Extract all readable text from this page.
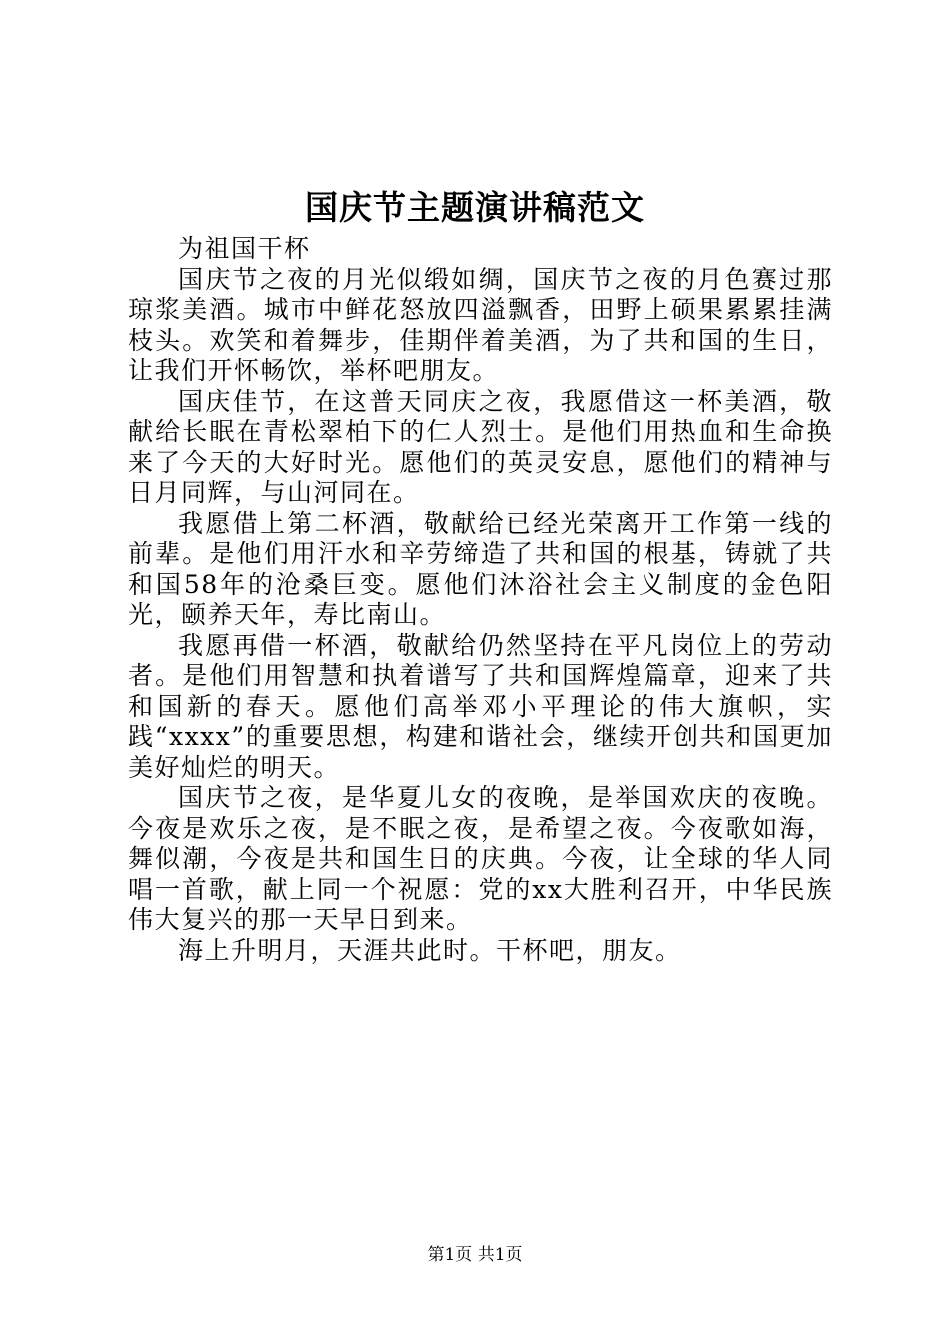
国庆节主题演讲稿范文

为祖国干杯

国庆节之夜的月光似缎如绸，国庆节之夜的月色赛过那琼浆美酒。城市中鲜花怒放四溢飘香，田野上硕果累累挂满枝头。欢笑和着舞步，佳期伴着美酒，为了共和国的生日，让我们开怀畅饮，举杯吧朋友。

国庆佳节，在这普天同庆之夜，我愿借这一杯美酒，敬献给长眠在青松翠柏下的仁人烈士。是他们用热血和生命换来了今天的大好时光。愿他们的英灵安息，愿他们的精神与日月同辉，与山河同在。

我愿借上第二杯酒，敬献给已经光荣离开工作第一线的前辈。是他们用汗水和辛劳缔造了共和国的根基，铸就了共和国58年的沧桑巨变。愿他们沐浴社会主义制度的金色阳光，颐养天年，寿比南山。

我愿再借一杯酒，敬献给仍然坚持在平凡岗位上的劳动者。是他们用智慧和执着谱写了共和国辉煌篇章，迎来了共和国新的春天。愿他们高举邓小平理论的伟大旗帜，实践“xxxx”的重要思想，构建和谐社会，继续开创共和国更加美好灿烂的明天。

国庆节之夜，是华夏儿女的夜晚，是举国欢庆的夜晚。今夜是欢乐之夜，是不眠之夜，是希望之夜。今夜歌如海，舞似潮，今夜是共和国生日的庆典。今夜，让全球的华人同唱一首歌，献上同一个祝愿：党的xx大胜利召开，中华民族伟大复兴的那一天早日到来。

海上升明月，天涯共此时。干杯吧，朋友。

第1页 共1页
